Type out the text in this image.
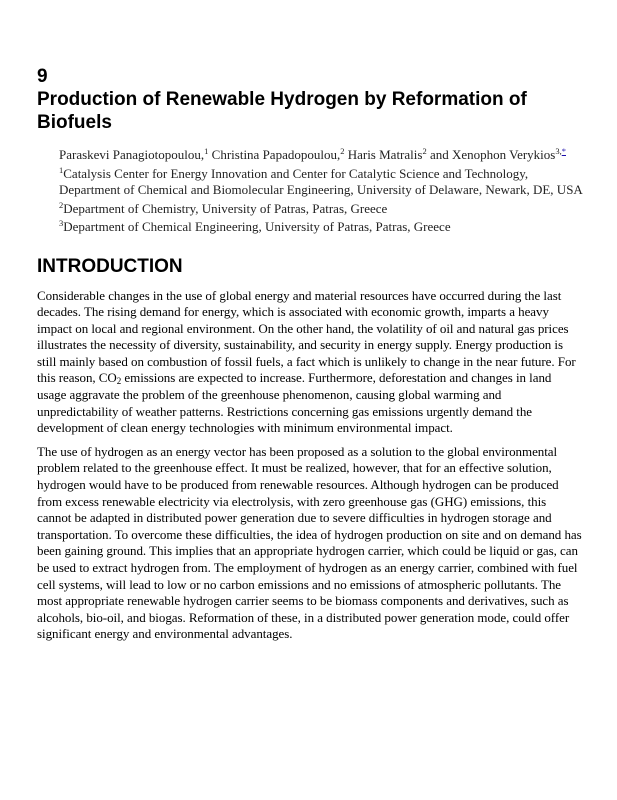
9
Production of Renewable Hydrogen by Reformation of Biofuels
Paraskevi Panagiotopoulou,$^1$ Christina Papadopoulou,$^2$ Haris Matralis$^2$ and Xenophon Verykios$^{3,*}$
$^1$Catalysis Center for Energy Innovation and Center for Catalytic Science and Technology, Department of Chemical and Biomolecular Engineering, University of Delaware, Newark, DE, USA
$^2$Department of Chemistry, University of Patras, Patras, Greece
$^3$Department of Chemical Engineering, University of Patras, Patras, Greece
INTRODUCTION

Considerable changes in the use of global energy and material resources have occurred during the last decades. The rising demand for energy, which is associated with economic growth, imparts a heavy impact on local and regional environment. On the other hand, the volatility of oil and natural gas prices illustrates the necessity of diversity, sustainability, and security in energy supply. Energy production is still mainly based on combustion of fossil fuels, a fact which is unlikely to change in the near future. For this reason, $CO_2$ emissions are expected to increase. Furthermore, deforestation and changes in land usage aggravate the problem of the greenhouse phenomenon, causing global warming and unpredictability of weather patterns. Restrictions concerning gas emissions urgently demand the development of clean energy technologies with minimum environmental impact.

The use of hydrogen as an energy vector has been proposed as a solution to the global environmental problem related to the greenhouse effect. It must be realized, however, that for an effective solution, hydrogen would have to be produced from renewable resources. Although hydrogen can be produced from excess renewable electricity via electrolysis, with zero greenhouse gas (GHG) emissions, this cannot be adapted in distributed power generation due to severe difficulties in hydrogen storage and transportation. To overcome these difficulties, the idea of hydrogen production on site and on demand has been gaining ground. This implies that an appropriate hydrogen carrier, which could be liquid or gas, can be used to extract hydrogen from. The employment of hydrogen as an energy carrier, combined with fuel cell systems, will lead to low or no carbon emissions and no emissions of atmospheric pollutants. The most appropriate renewable hydrogen carrier seems to be biomass components and derivatives, such as alcohols, bio-oil, and biogas. Reformation of these, in a distributed power generation mode, could offer significant energy and environmental advantages.
